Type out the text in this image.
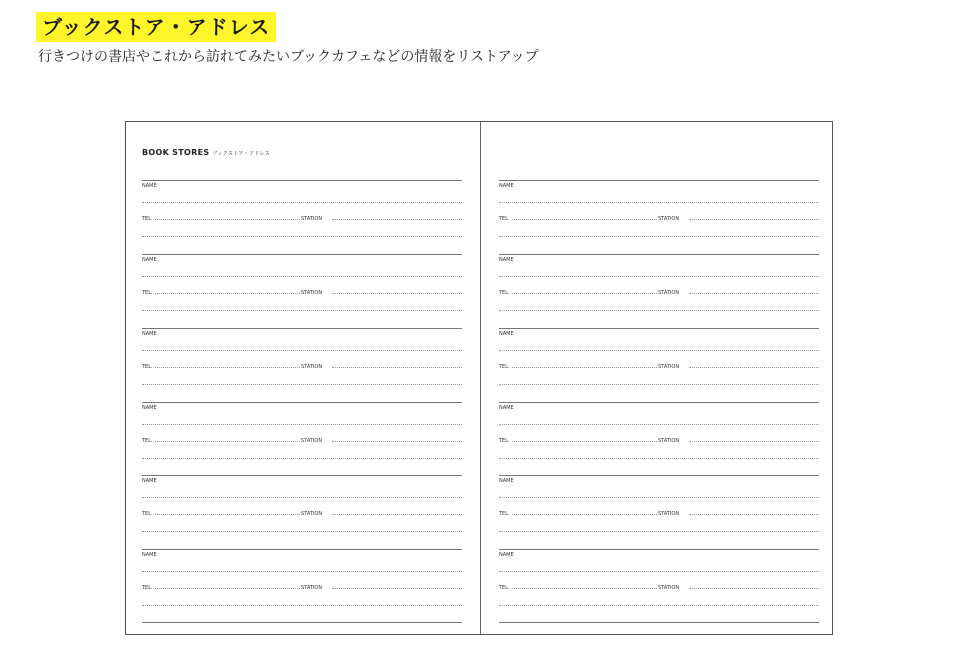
ブックストア・アドレス
行きつけの書店やこれから訪れてみたいブックカフェなどの情報をリストアップ
BOOK STORES ブックストア・アドレス
NAME
TEL.	STATION
NAME
TEL.	STATION
NAME
TEL.	STATION
NAME
TEL.	STATION
NAME
TEL.	STATION
NAME
TEL.	STATION
NAME
TEL.	STATION
NAME
TEL.	STATION
NAME
TEL.	STATION
NAME
TEL.	STATION
NAME
TEL.	STATION
NAME
TEL.	STATION
